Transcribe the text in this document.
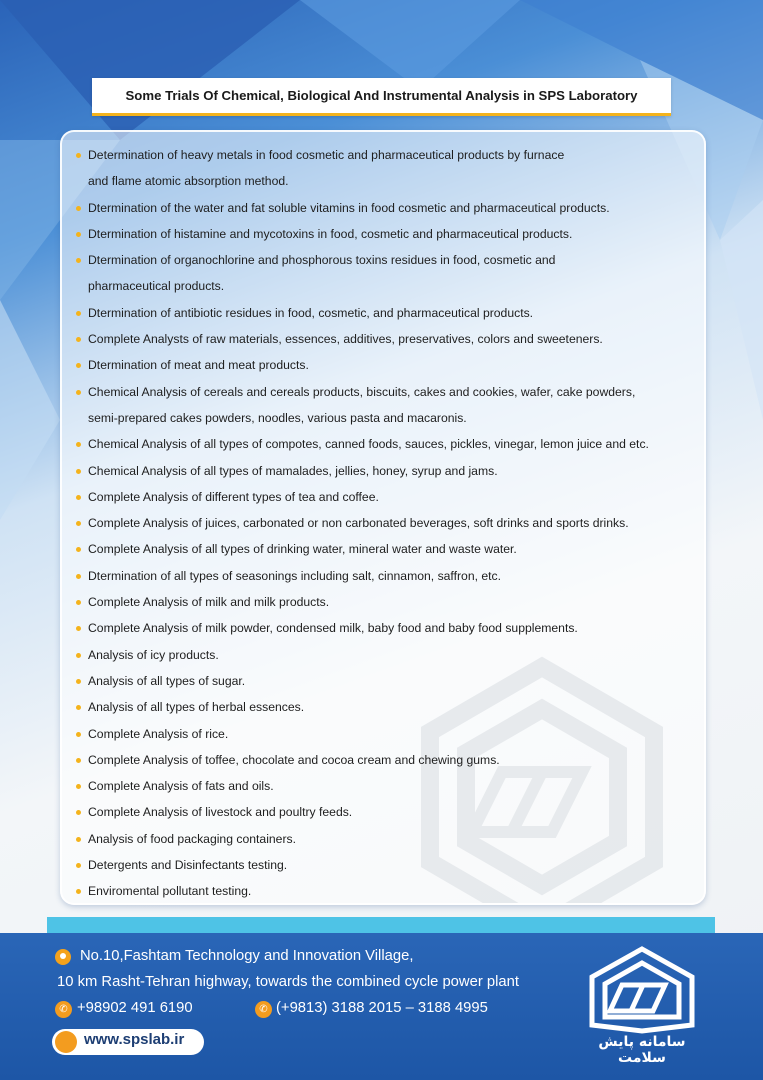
Some Trials Of Chemical, Biological And Instrumental Analysis in SPS Laboratory
Determination of heavy metals in food cosmetic and pharmaceutical products by furnace
and flame atomic absorption method.
Dtermination of the water and fat soluble vitamins in food cosmetic and pharmaceutical products.
Dtermination of histamine and mycotoxins in food, cosmetic and pharmaceutical products.
Dtermination of organochlorine and phosphorous toxins residues in food, cosmetic and
pharmaceutical products.
Dtermination of antibiotic residues in food, cosmetic, and pharmaceutical products.
Complete Analysts of raw materials, essences, additives, preservatives, colors and sweeteners.
Dtermination of meat and meat products.
Chemical Analysis of cereals and cereals products, biscuits, cakes and cookies, wafer, cake powders,
semi-prepared cakes powders, noodles, various pasta and macaronis.
Chemical Analysis of all types of compotes, canned foods, sauces, pickles, vinegar, lemon juice and etc.
Chemical Analysis of all types of mamalades, jellies, honey, syrup and jams.
Complete Analysis of different types of tea and coffee.
Complete Analysis of juices, carbonated or non carbonated beverages, soft drinks and sports drinks.
Complete Analysis of all types of drinking water, mineral water and waste water.
Dtermination of all types of seasonings including salt, cinnamon, saffron, etc.
Complete Analysis of milk and milk products.
Complete Analysis of milk powder, condensed milk, baby food and baby food supplements.
Analysis of icy products.
Analysis of all types of sugar.
Analysis of all types of herbal essences.
Complete Analysis of rice.
Complete Analysis of toffee, chocolate and cocoa cream and chewing gums.
Complete Analysis of fats and oils.
Complete Analysis of livestock and poultry feeds.
Analysis of food packaging containers.
Detergents and Disinfectants testing.
Enviromental pollutant testing.
No.10,Fashtam Technology and Innovation Village,
10 km Rasht-Tehran highway, towards the combined cycle power plant
✆ +98902 491 6190	✆ (+9813) 3188 2015 – 3188 4995
www.spslab.ir	سامانه پایش سلامت
